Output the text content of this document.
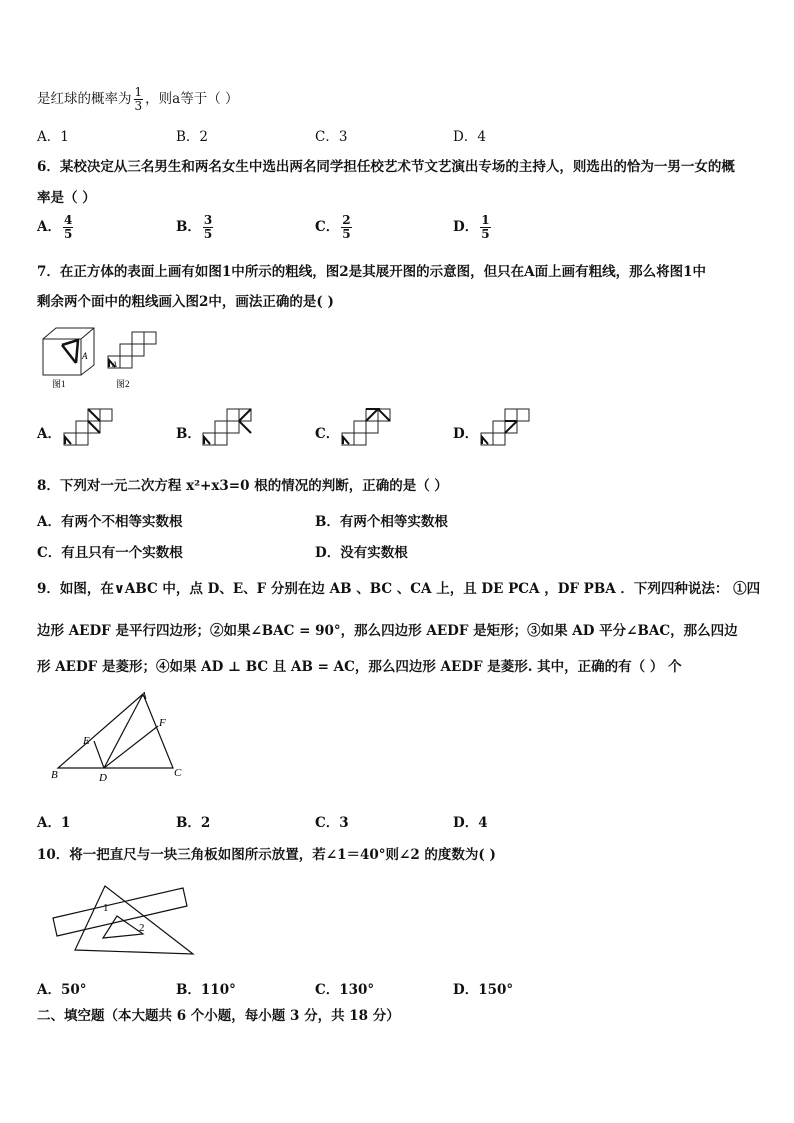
是红球的概率为 $\frac{1}{3}$ ，则a等于（ ）
A．1	B．2	C．3	D．4
6．某校决定从三名男生和两名女生中选出两名同学担任校艺术节文艺演出专场的主持人，则选出的恰为一男一女的概
率是（ ）
A． $\frac{4}{5}$	B． $\frac{3}{5}$	C． $\frac{2}{5}$	D． $\frac{1}{5}$
7．在正方体的表面上画有如图1中所示的粗线，图2是其展开图的示意图，但只在A面上画有粗线，那么将图1中
剩余两个面中的粗线画入图2中，画法正确的是( )
A
图1
A
图2
A．	B．	C．	D．
8．下列对一元二次方程 x²+x3=0 根的情况的判断，正确的是（ ）
A．有两个不相等实数根	B．有两个相等实数根
C．有且只有一个实数根	D．没有实数根
9．如图，在∨ABC 中，点 D、E、F 分别在边 AB 、BC 、CA 上，且 DE PCA ，DF PBA ．下列四种说法： ①四
边形 AEDF 是平行四边形；②如果∠BAC = 90°，那么四边形 AEDF 是矩形；③如果 AD 平分∠BAC，那么四边
形 AEDF 是菱形；④如果 AD ⊥ BC 且 AB = AC，那么四边形 AEDF 是菱形. 其中，正确的有（ ） 个
A
B	C
D
E
F
A．1	B．2	C．3	D．4
10．将一把直尺与一块三角板如图所示放置，若∠1＝40°则∠2 的度数为( )
1
2
A．50°	B．110°	C．130°	D．150°
二、填空题（本大题共 6 个小题，每小题 3 分，共 18 分）
